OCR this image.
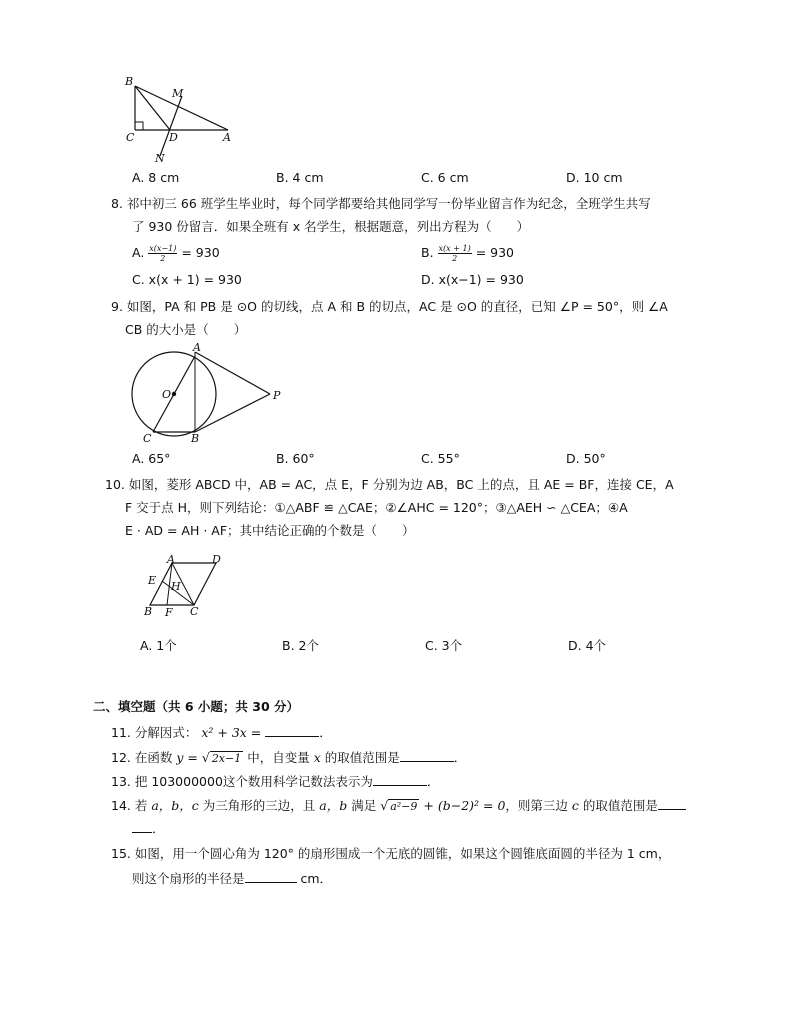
B
M
C	D	A
N
A. 8 cm	B. 4 cm	C. 6 cm	D. 10 cm
8. 祁中初三 66 班学生毕业时，每个同学都要给其他同学写一份毕业留言作为纪念，全班学生共写
了 930 份留言．如果全班有 x 名学生，根据题意，列出方程为（　　）
A. $\frac{x(x-1)}{2} = 930$	B. $\frac{x(x + 1)}{2} = 930$
C. x(x + 1) = 930	D. x(x−1) = 930
9. 如图，PA 和 PB 是 ⊙O 的切线，点 A 和 B 的切点，AC 是 ⊙O 的直径，已知 ∠P = 50°，则 ∠A
CB 的大小是（　　）
A
O	P
C	B
A. 65°	B. 60°	C. 55°	D. 50°
10. 如图，菱形 ABCD 中，AB = AC，点 E，F 分别为边 AB，BC 上的点，且 AE = BF，连接 CE，A
F 交于点 H，则下列结论：①△ABF ≌ △CAE；②∠AHC = 120°；③△AEH ∽ △CEA；④A
E · AD = AH · AF；其中结论正确的个数是（　　）
A	D
E H
B F C
A. 1个	B. 2个	C. 3个	D. 4个
二、填空题（共 6 小题；共 30 分）
11. 分解因式： x² + 3x =	．
12. 在函数 y = √ 2x−1 中，自变量 x 的取值范围是	．
13. 把 103000000这个数用科学记数法表示为	．
14. 若 a，b，c 为三角形的三边，且 a，b 满足 √ a²−9 + (b−2)² = 0，则第三边 c 的取值范围是
．
15. 如图，用一个圆心角为 120° 的扇形围成一个无底的圆锥，如果这个圆锥底面圆的半径为 1 cm，
则这个扇形的半径是	cm．
